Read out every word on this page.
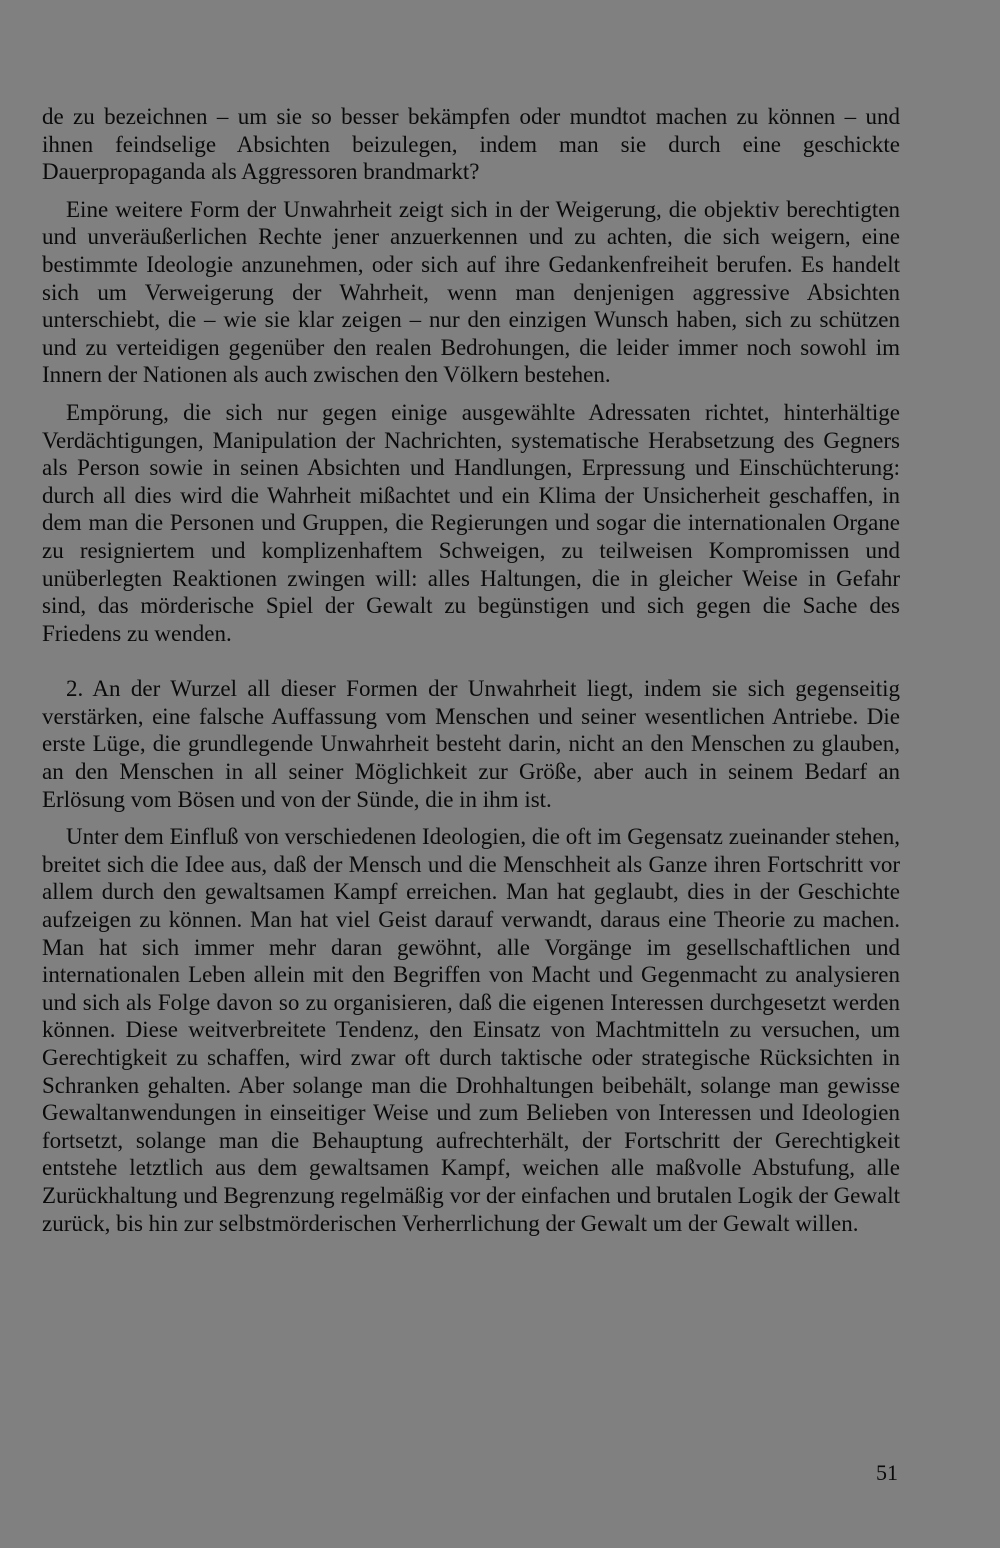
de zu bezeichnen – um sie so besser bekämpfen oder mundtot machen zu können – und ihnen feindselige Absichten beizulegen, indem man sie durch eine geschickte Dauerpropaganda als Aggressoren brandmarkt?

Eine weitere Form der Unwahrheit zeigt sich in der Weigerung, die objektiv berechtigten und unveräußerlichen Rechte jener anzuerkennen und zu achten, die sich weigern, eine bestimmte Ideologie anzunehmen, oder sich auf ihre Gedankenfreiheit berufen. Es handelt sich um Verweigerung der Wahrheit, wenn man denjenigen aggressive Absichten unterschiebt, die – wie sie klar zeigen – nur den einzigen Wunsch haben, sich zu schützen und zu verteidigen gegenüber den realen Bedrohungen, die leider immer noch sowohl im Innern der Nationen als auch zwischen den Völkern bestehen.

Empörung, die sich nur gegen einige ausgewählte Adressaten richtet, hinterhältige Verdächtigungen, Manipulation der Nachrichten, systematische Herabsetzung des Gegners als Person sowie in seinen Absichten und Handlungen, Erpressung und Einschüchterung: durch all dies wird die Wahrheit mißachtet und ein Klima der Unsicherheit geschaffen, in dem man die Personen und Gruppen, die Regierungen und sogar die internationalen Organe zu resigniertem und komplizenhaftem Schweigen, zu teilweisen Kompromissen und unüberlegten Reaktionen zwingen will: alles Haltungen, die in gleicher Weise in Gefahr sind, das mörderische Spiel der Gewalt zu begünstigen und sich gegen die Sache des Friedens zu wenden.

2. An der Wurzel all dieser Formen der Unwahrheit liegt, indem sie sich gegenseitig verstärken, eine falsche Auffassung vom Menschen und seiner wesentlichen Antriebe. Die erste Lüge, die grundlegende Unwahrheit besteht darin, nicht an den Menschen zu glauben, an den Menschen in all seiner Möglichkeit zur Größe, aber auch in seinem Bedarf an Erlösung vom Bösen und von der Sünde, die in ihm ist.

Unter dem Einfluß von verschiedenen Ideologien, die oft im Gegensatz zueinander stehen, breitet sich die Idee aus, daß der Mensch und die Menschheit als Ganze ihren Fortschritt vor allem durch den gewaltsamen Kampf erreichen. Man hat geglaubt, dies in der Geschichte aufzeigen zu können. Man hat viel Geist darauf verwandt, daraus eine Theorie zu machen. Man hat sich immer mehr daran gewöhnt, alle Vorgänge im gesellschaftlichen und internationalen Leben allein mit den Begriffen von Macht und Gegenmacht zu analysieren und sich als Folge davon so zu organisieren, daß die eigenen Interessen durchgesetzt werden können. Diese weitverbreitete Tendenz, den Einsatz von Machtmitteln zu versuchen, um Gerechtigkeit zu schaffen, wird zwar oft durch taktische oder strategische Rücksichten in Schranken gehalten. Aber solange man die Drohhaltungen beibehält, solange man gewisse Gewaltanwendungen in einseitiger Weise und zum Belieben von Interessen und Ideologien fortsetzt, solange man die Behauptung aufrechterhält, der Fortschritt der Gerechtigkeit entstehe letztlich aus dem gewaltsamen Kampf, weichen alle maßvolle Abstufung, alle Zurückhaltung und Begrenzung regelmäßig vor der einfachen und brutalen Logik der Gewalt zurück, bis hin zur selbstmörderischen Verherrlichung der Gewalt um der Gewalt willen.

51
